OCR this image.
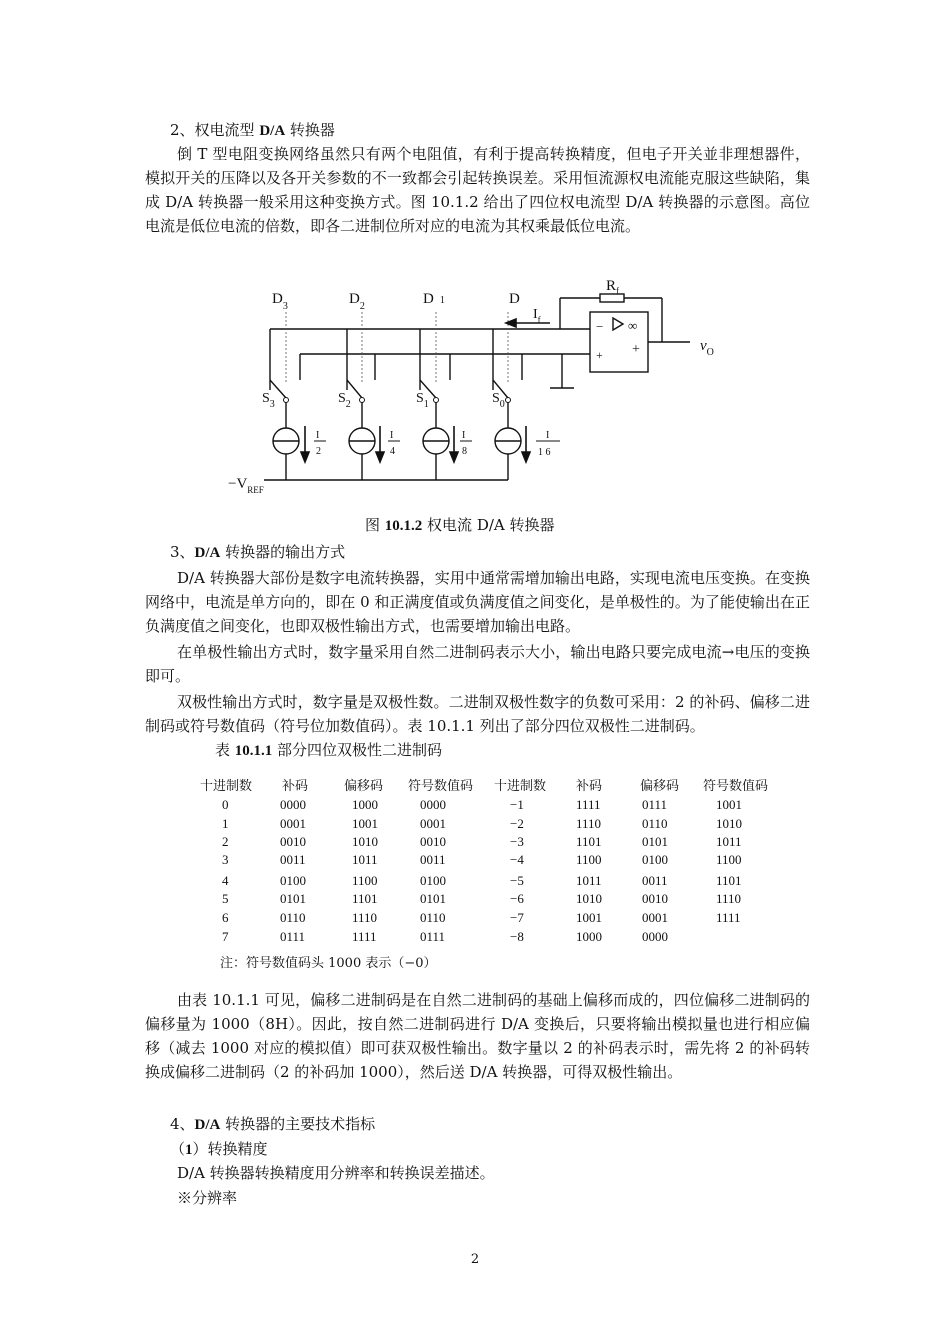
2、权电流型 D/A 转换器
倒 T 型电阻变换网络虽然只有两个电阻值，有利于提高转换精度，但电子开关並非理想器件，模拟开关的压降以及各开关参数的不一致都会引起转换误差。采用恒流源权电流能克服这些缺陷，集成 D/A 转换器一般采用这种变换方式。图 10.1.2 给出了四位权电流型 D/A 转换器的示意图。高位电流是低位电流的倍数，即各二进制位所对应的电流为其权乘最低位电流。
$D_3$	$D_2$	D 1	D
$R_f$
$I_f$
$v_O$
$S_3$	$S_2$	$S_1$	$S_0$
I
2
I
4
I
8
I
1 6
$-V_{REF}$
∞
−
+ +
图 10.1.2 权电流 D/A 转换器
3、D/A 转换器的输出方式
D/A 转换器大部份是数字电流转换器，实用中通常需增加输出电路，实现电流电压变换。在变换网络中，电流是单方向的，即在 0 和正满度值或负满度值之间变化，是单极性的。为了能使输出在正负满度值之间变化，也即双极性输出方式，也需要增加输出电路。
在单极性输出方式时，数字量采用自然二进制码表示大小，输出电路只要完成电流→电压的变换即可。
双极性输出方式时，数字量是双极性数。二进制双极性数字的负数可采用：2 的补码、偏移二进制码或符号数值码（符号位加数值码）。表 10.1.1 列出了部分四位双极性二进制码。
表 10.1.1 部分四位双极性二进制码
十进制数 补码	偏移码 符号数值码 十进制数 补码	偏移码 符号数值码
0	0000	1000	0000	−1	1111	0111	1001
1	0001	1001	0001	−2	1110	0110	1010
2	0010	1010	0010	−3	1101	0101	1011
3	0011	1011	0011	−4	1100	0100	1100
4	0100	1100	0100	−5	1011	0011	1101
5	0101	1101	0101	−6	1010	0010	1110
6	0110	1110	0110	−7	1001	0001	1111
7	0111	1111	0111	−8	1000	0000
注：符号数值码头 1000 表示（−0）
由表 10.1.1 可见，偏移二进制码是在自然二进制码的基础上偏移而成的，四位偏移二进制码的偏移量为 1000（8H）。因此，按自然二进制码进行 D/A 变换后，只要将输出模拟量也进行相应偏移（减去 1000 对应的模拟值）即可获双极性输出。数字量以 2 的补码表示时，需先将 2 的补码转换成偏移二进制码（2 的补码加 1000），然后送 D/A 转换器，可得双极性输出。
4、D/A 转换器的主要技术指标
（1）转换精度
D/A 转换器转换精度用分辨率和转换误差描述。
※分辨率
2
